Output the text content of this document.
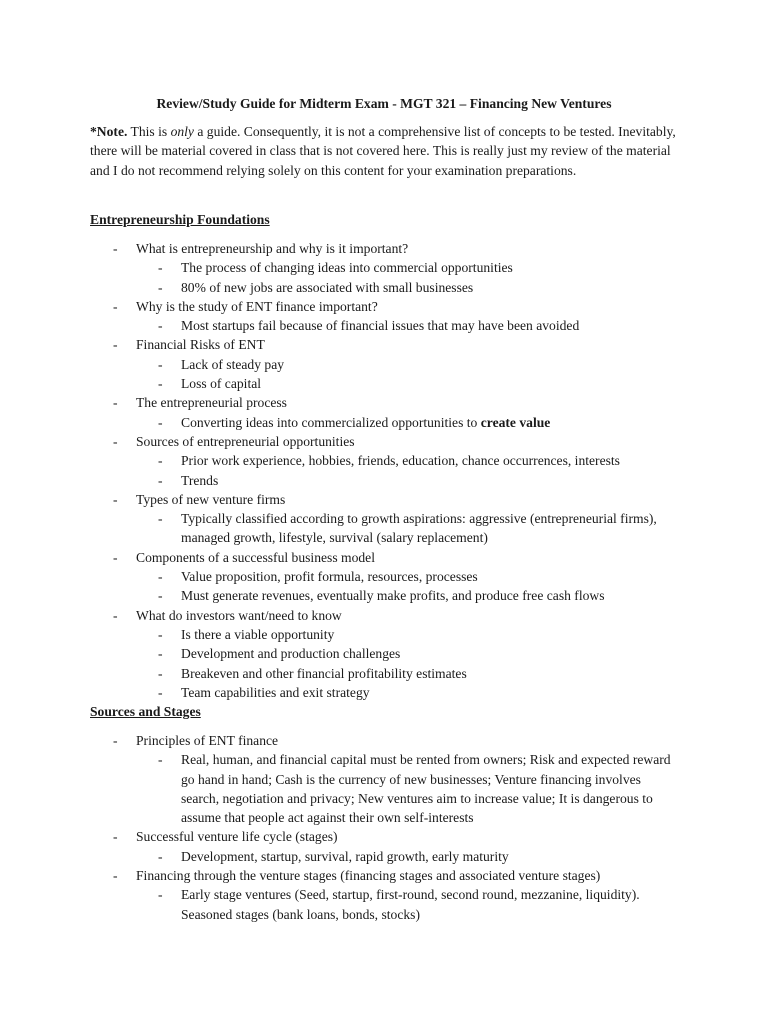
Review/Study Guide for Midterm Exam - MGT 321 – Financing New Ventures
*Note. This is only a guide. Consequently, it is not a comprehensive list of concepts to be tested. Inevitably, there will be material covered in class that is not covered here. This is really just my review of the material and I do not recommend relying solely on this content for your examination preparations.
Entrepreneurship Foundations
- What is entrepreneurship and why is it important?
- The process of changing ideas into commercial opportunities
- 80% of new jobs are associated with small businesses
- Why is the study of ENT finance important?
- Most startups fail because of financial issues that may have been avoided
- Financial Risks of ENT
- Lack of steady pay
- Loss of capital
- The entrepreneurial process
- Converting ideas into commercialized opportunities to create value
- Sources of entrepreneurial opportunities
- Prior work experience, hobbies, friends, education, chance occurrences, interests
- Trends
- Types of new venture firms
- Typically classified according to growth aspirations: aggressive (entrepreneurial firms), managed growth, lifestyle, survival (salary replacement)
- Components of a successful business model
- Value proposition, profit formula, resources, processes
- Must generate revenues, eventually make profits, and produce free cash flows
- What do investors want/need to know
- Is there a viable opportunity
- Development and production challenges
- Breakeven and other financial profitability estimates
- Team capabilities and exit strategy
Sources and Stages
- Principles of ENT finance
- Real, human, and financial capital must be rented from owners; Risk and expected reward go hand in hand; Cash is the currency of new businesses; Venture financing involves search, negotiation and privacy; New ventures aim to increase value; It is dangerous to assume that people act against their own self-interests
- Successful venture life cycle (stages)
- Development, startup, survival, rapid growth, early maturity
- Financing through the venture stages (financing stages and associated venture stages)
- Early stage ventures (Seed, startup, first-round, second round, mezzanine, liquidity). Seasoned stages (bank loans, bonds, stocks)
